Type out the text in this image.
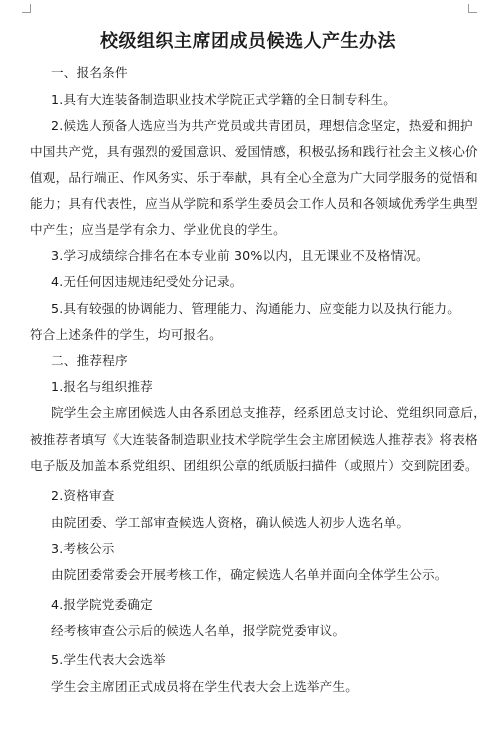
校级组织主席团成员候选人产生办法
一、报名条件
1.具有大连装备制造职业技术学院正式学籍的全日制专科生。
2.候选人预备人选应当为共产党员或共青团员，理想信念坚定，热爱和拥护
中国共产党，具有强烈的爱国意识、爱国情感，积极弘扬和践行社会主义核心价
值观，品行端正、作风务实、乐于奉献，具有全心全意为广大同学服务的觉悟和
能力；具有代表性，应当从学院和系学生委员会工作人员和各领域优秀学生典型
中产生；应当是学有余力、学业优良的学生。
3.学习成绩综合排名在本专业前 30%以内，且无课业不及格情况。
4.无任何因违规违纪受处分记录。
5.具有较强的协调能力、管理能力、沟通能力、应变能力以及执行能力。
符合上述条件的学生，均可报名。
二、推荐程序
1.报名与组织推荐
院学生会主席团候选人由各系团总支推荐，经系团总支讨论、党组织同意后，
被推荐者填写《大连装备制造职业技术学院学生会主席团候选人推荐表》将表格
电子版及加盖本系党组织、团组织公章的纸质版扫描件（或照片）交到院团委。
2.资格审查
由院团委、学工部审查候选人资格，确认候选人初步人选名单。
3.考核公示
由院团委常委会开展考核工作，确定候选人名单并面向全体学生公示。
4.报学院党委确定
经考核审查公示后的候选人名单，报学院党委审议。
5.学生代表大会选举
学生会主席团正式成员将在学生代表大会上选举产生。
